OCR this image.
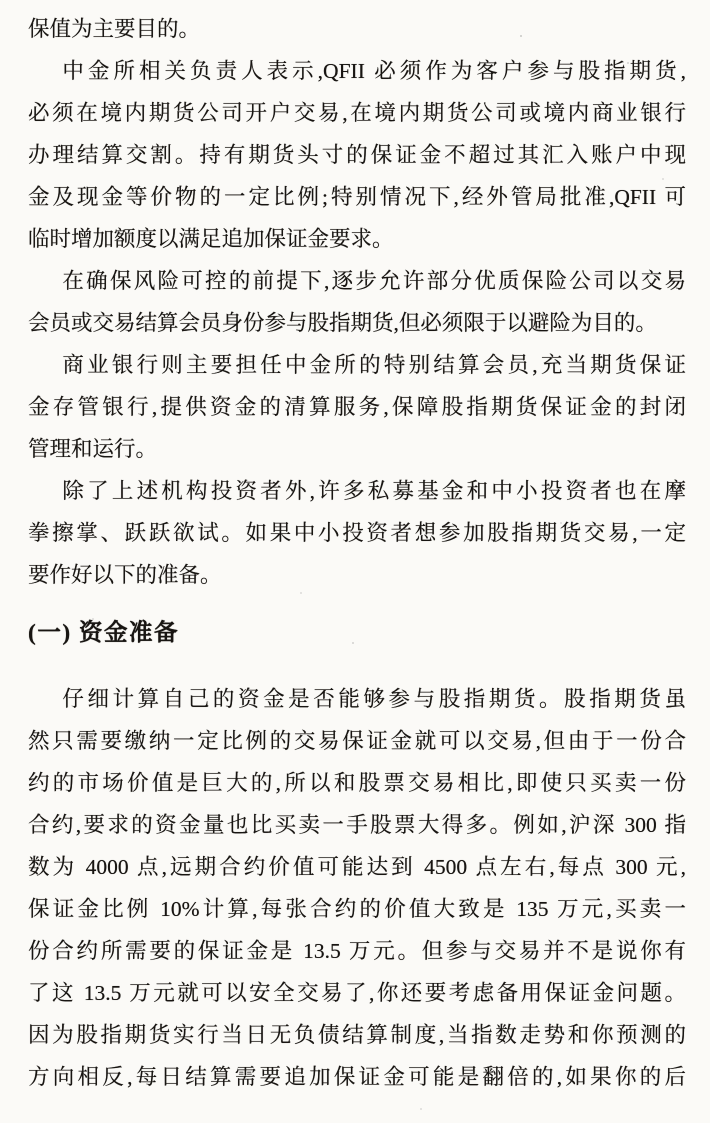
保值为主要目的。
中金所相关负责人表示,QFII 必须作为客户参与股指期货,
必须在境内期货公司开户交易,在境内期货公司或境内商业银行
办理结算交割。持有期货头寸的保证金不超过其汇入账户中现
金及现金等价物的一定比例;特别情况下,经外管局批准,QFII 可
临时增加额度以满足追加保证金要求。
在确保风险可控的前提下,逐步允许部分优质保险公司以交易
会员或交易结算会员身份参与股指期货,但必须限于以避险为目的。
商业银行则主要担任中金所的特别结算会员,充当期货保证
金存管银行,提供资金的清算服务,保障股指期货保证金的封闭
管理和运行。
除了上述机构投资者外,许多私募基金和中小投资者也在摩
拳擦掌、跃跃欲试。如果中小投资者想参加股指期货交易,一定
要作好以下的准备。
(一) 资金准备
仔细计算自己的资金是否能够参与股指期货。股指期货虽
然只需要缴纳一定比例的交易保证金就可以交易,但由于一份合
约的市场价值是巨大的,所以和股票交易相比,即使只买卖一份
合约,要求的资金量也比买卖一手股票大得多。例如,沪深 300 指
数为 4000 点,远期合约价值可能达到 4500 点左右,每点 300 元,
保证金比例 10%计算,每张合约的价值大致是 135 万元,买卖一
份合约所需要的保证金是 13.5 万元。但参与交易并不是说你有
了这 13.5 万元就可以安全交易了,你还要考虑备用保证金问题。
因为股指期货实行当日无负债结算制度,当指数走势和你预测的
方向相反,每日结算需要追加保证金可能是翻倍的,如果你的后
